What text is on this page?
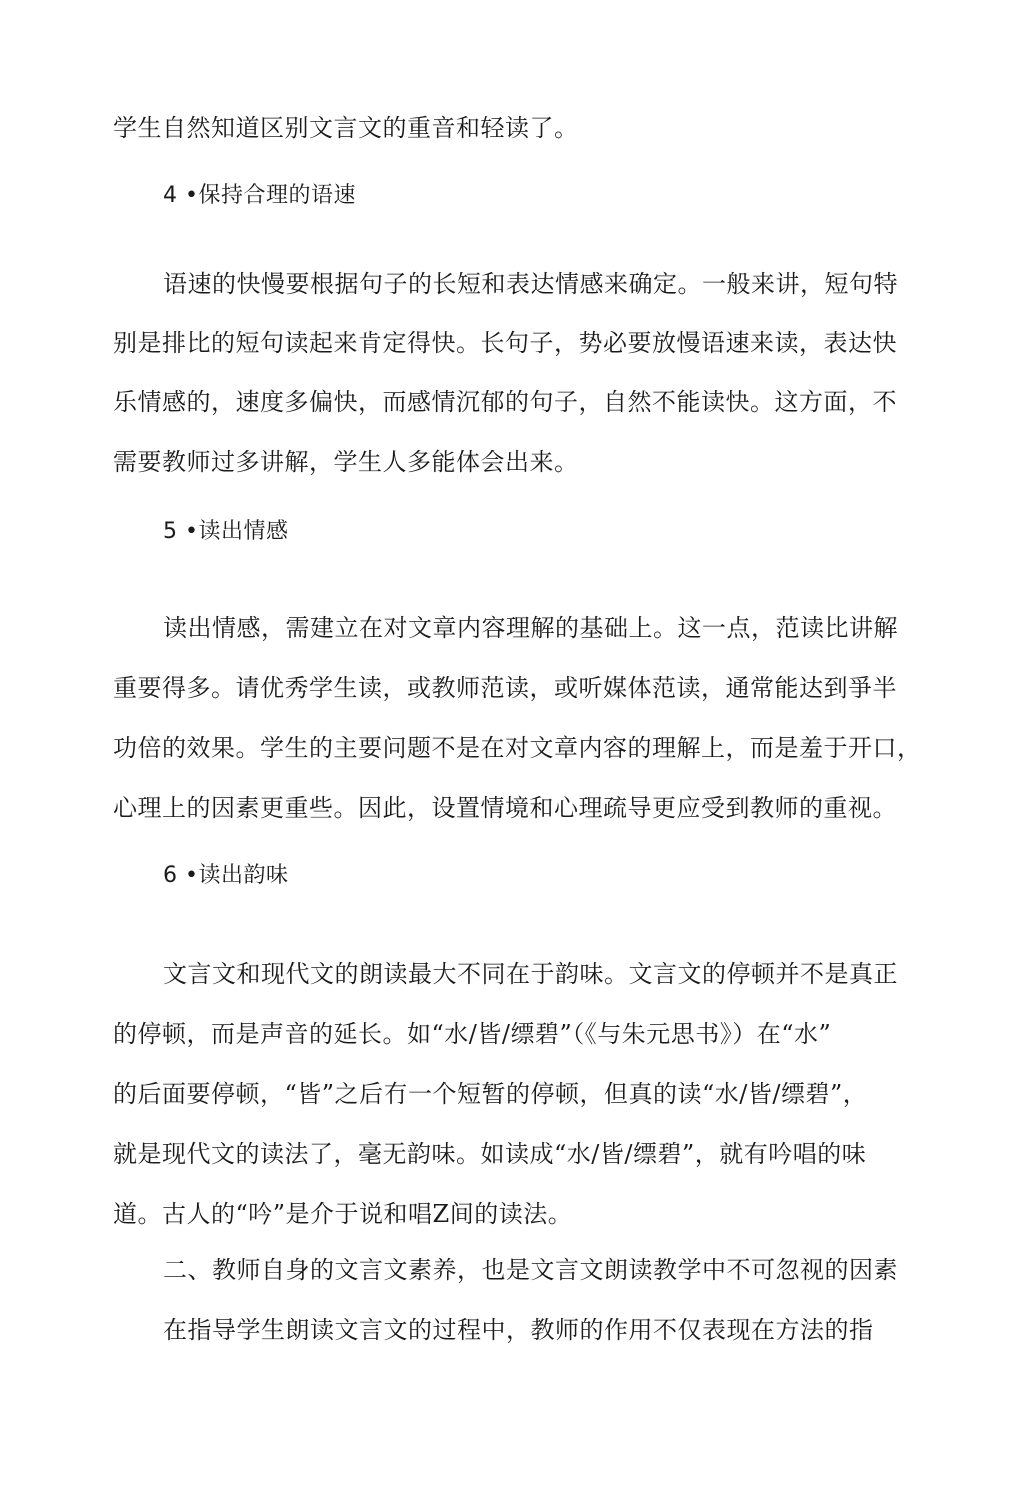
学生自然知道区别文言文的重音和轻读了。
4 •保持合理的语速
语速的快慢要根据句子的长短和表达情感来确定。一般来讲，短句特
别是排比的短句读起来肯定得快。长句子，势必要放慢语速来读，表达快
乐情感的，速度多偏快，而感情沉郁的句子，自然不能读快。这方面，不
需要教师过多讲解，学生人多能体会出来。
5 •读出情感
读出情感，需建立在对文章内容理解的基础上。这一点，范读比讲解
重要得多。请优秀学生读，或教师范读，或听媒体范读，通常能达到爭半
功倍的效果。学生的主要问题不是在对文章内容的理解上，而是羞于开口，
心理上的因素更重些。因此，设置情境和心理疏导更应受到教师的重视。
6 •读出韵味
文言文和现代文的朗读最大不同在于韵味。文言文的停顿并不是真正
的停顿，而是声音的延长。如“水/皆/缥碧”（《与朱元思书》）在“水”
的后面要停顿，“皆”之后冇一个短暂的停顿，但真的读“水/皆/缥碧”，
就是现代文的读法了，毫无韵味。如读成“水/皆/缥碧”，就有吟唱的味
道。古人的“吟”是介于说和唱Z间的读法。
二、教师自身的文言文素养，也是文言文朗读教学中不可忽视的因素
在指导学生朗读文言文的过程中，教师的作用不仅表现在方法的指
